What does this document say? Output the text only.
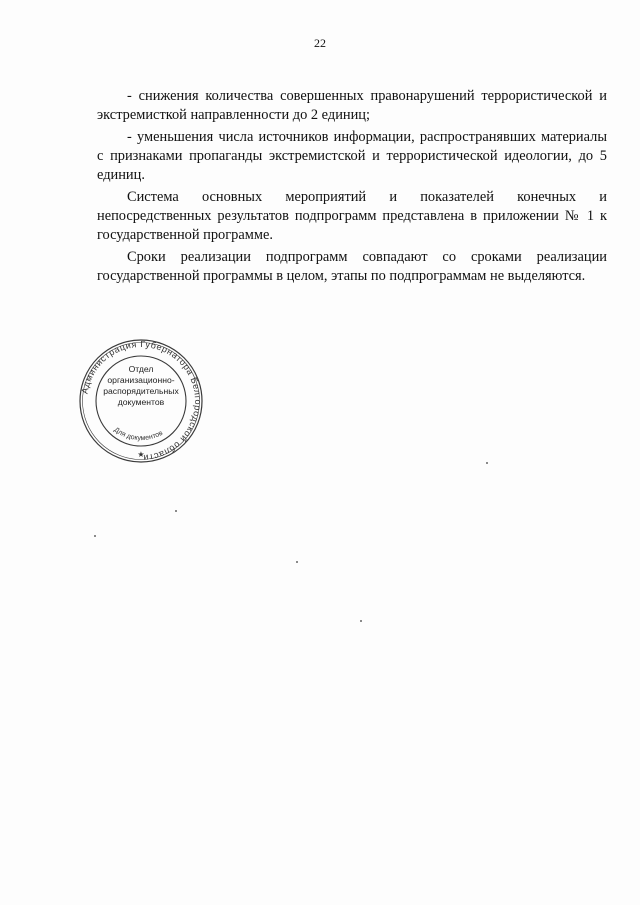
22

- снижения количества совершенных правонарушений террористической и экстремисткой направленности до 2 единиц;

- уменьшения числа источников информации, распространявших материалы с признаками пропаганды экстремистской и террористической идеологии, до 5 единиц.

Система основных мероприятий и показателей конечных и непосредственных результатов подпрограмм представлена в приложении № 1 к государственной программе.

Сроки реализации подпрограмм совпадают со сроками реализации государственной программы в целом, этапы по подпрограммам не выделяются.

Администрация Губернатора Белгородской области
Для документов
★
Отдел
организационно-
распорядительных
документов
